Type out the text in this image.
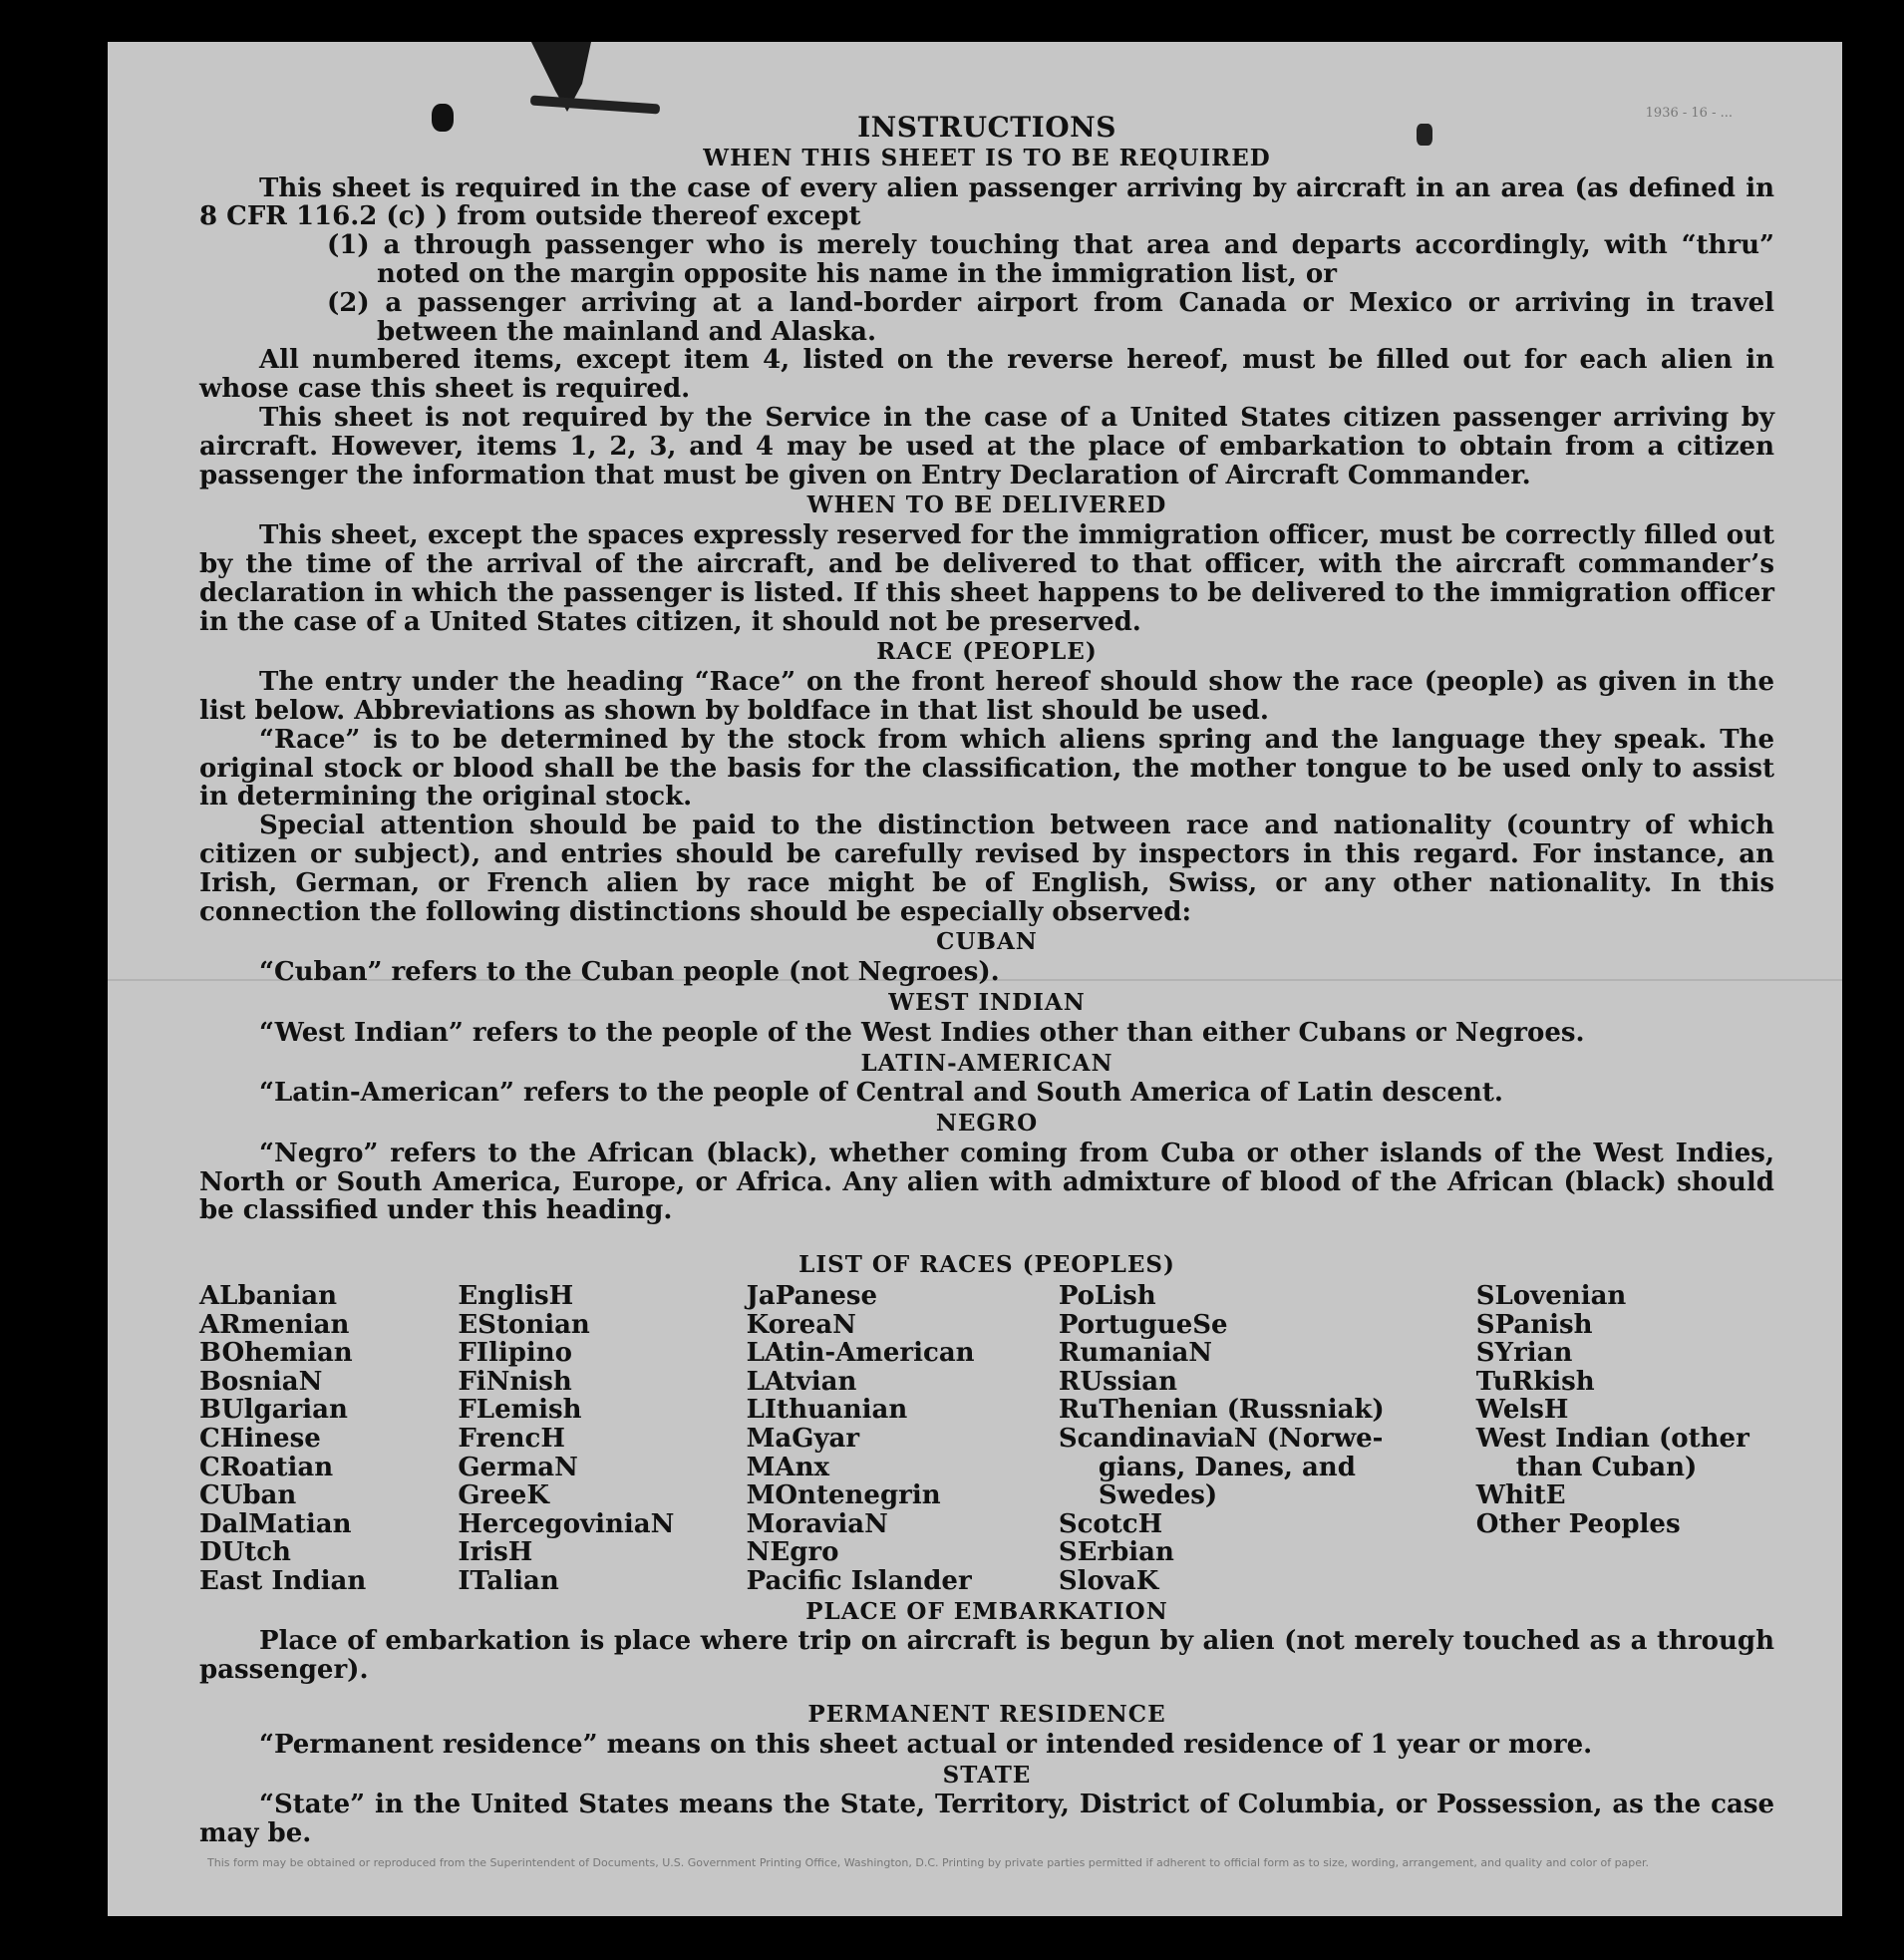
1936 - 16 - ...
INSTRUCTIONS
WHEN THIS SHEET IS TO BE REQUIRED

This sheet is required in the case of every alien passenger arriving by aircraft in an area (as defined in 8 CFR 116.2 (c) ) from outside thereof except

(1) a through passenger who is merely touching that area and departs accordingly, with “thru” noted on the margin opposite his name in the immigration list, or
(2) a passenger arriving at a land-border airport from Canada or Mexico or arriving in travel between the mainland and Alaska.

All numbered items, except item 4, listed on the reverse hereof, must be filled out for each alien in whose case this sheet is required.

This sheet is not required by the Service in the case of a United States citizen passenger arriving by aircraft. However, items 1, 2, 3, and 4 may be used at the place of embarkation to obtain from a citizen passenger the information that must be given on Entry Declaration of Aircraft Commander.

WHEN TO BE DELIVERED

This sheet, except the spaces expressly reserved for the immigration officer, must be correctly filled out by the time of the arrival of the aircraft, and be delivered to that officer, with the aircraft commander’s declaration in which the passenger is listed. If this sheet happens to be delivered to the immigration officer in the case of a United States citizen, it should not be preserved.

RACE (PEOPLE)

The entry under the heading “Race” on the front hereof should show the race (people) as given in the list below. Abbreviations as shown by boldface in that list should be used.

“Race” is to be determined by the stock from which aliens spring and the language they speak. The original stock or blood shall be the basis for the classification, the mother tongue to be used only to assist in determining the original stock.

Special attention should be paid to the distinction between race and nationality (country of which citizen or subject), and entries should be carefully revised by inspectors in this regard. For instance, an Irish, German, or French alien by race might be of English, Swiss, or any other nationality. In this connection the following distinctions should be especially observed:

CUBAN

“Cuban” refers to the Cuban people (not Negroes).

WEST INDIAN

“West Indian” refers to the people of the West Indies other than either Cubans or Negroes.

LATIN-AMERICAN

“Latin-American” refers to the people of Central and South America of Latin descent.

NEGRO

“Negro” refers to the African (black), whether coming from Cuba or other islands of the West Indies, North or South America, Europe, or Africa. Any alien with admixture of blood of the African (black) should be classified under this heading.

LIST OF RACES (PEOPLES)
ALbanian
ARmenian
BOhemian
BosniaN
BUlgarian
CHinese
CRoatian
CUban
DalMatian
DUtch
East Indian
EnglisH
EStonian
FIlipino
FiNnish
FLemish
FrencH
GermaN
GreeK
HercegoviniaN
IrisH
ITalian
JaPanese
KoreaN
LAtin-American
LAtvian
LIthuanian
MaGyar
MAnx
MOntenegrin
MoraviaN
NEgro
Pacific Islander
PoLish
PortugueSe
RumaniaN
RUssian
RuThenian (Russniak)
ScandinaviaN (Norwe-
gians, Danes, and
Swedes)
ScotcH
SErbian
SlovaK
SLovenian
SPanish
SYrian
TuRkish
WelsH
West Indian (other
than Cuban)
WhitE
Other Peoples
PLACE OF EMBARKATION

Place of embarkation is place where trip on aircraft is begun by alien (not merely touched as a through passenger).

PERMANENT RESIDENCE

“Permanent residence” means on this sheet actual or intended residence of 1 year or more.

STATE

“State” in the United States means the State, Territory, District of Columbia, or Possession, as the case may be.

This form may be obtained or reproduced from the Superintendent of Documents, U.S. Government Printing Office, Washington, D.C. Printing by private parties permitted if adherent to official form as to size, wording, arrangement, and quality and color of paper.
